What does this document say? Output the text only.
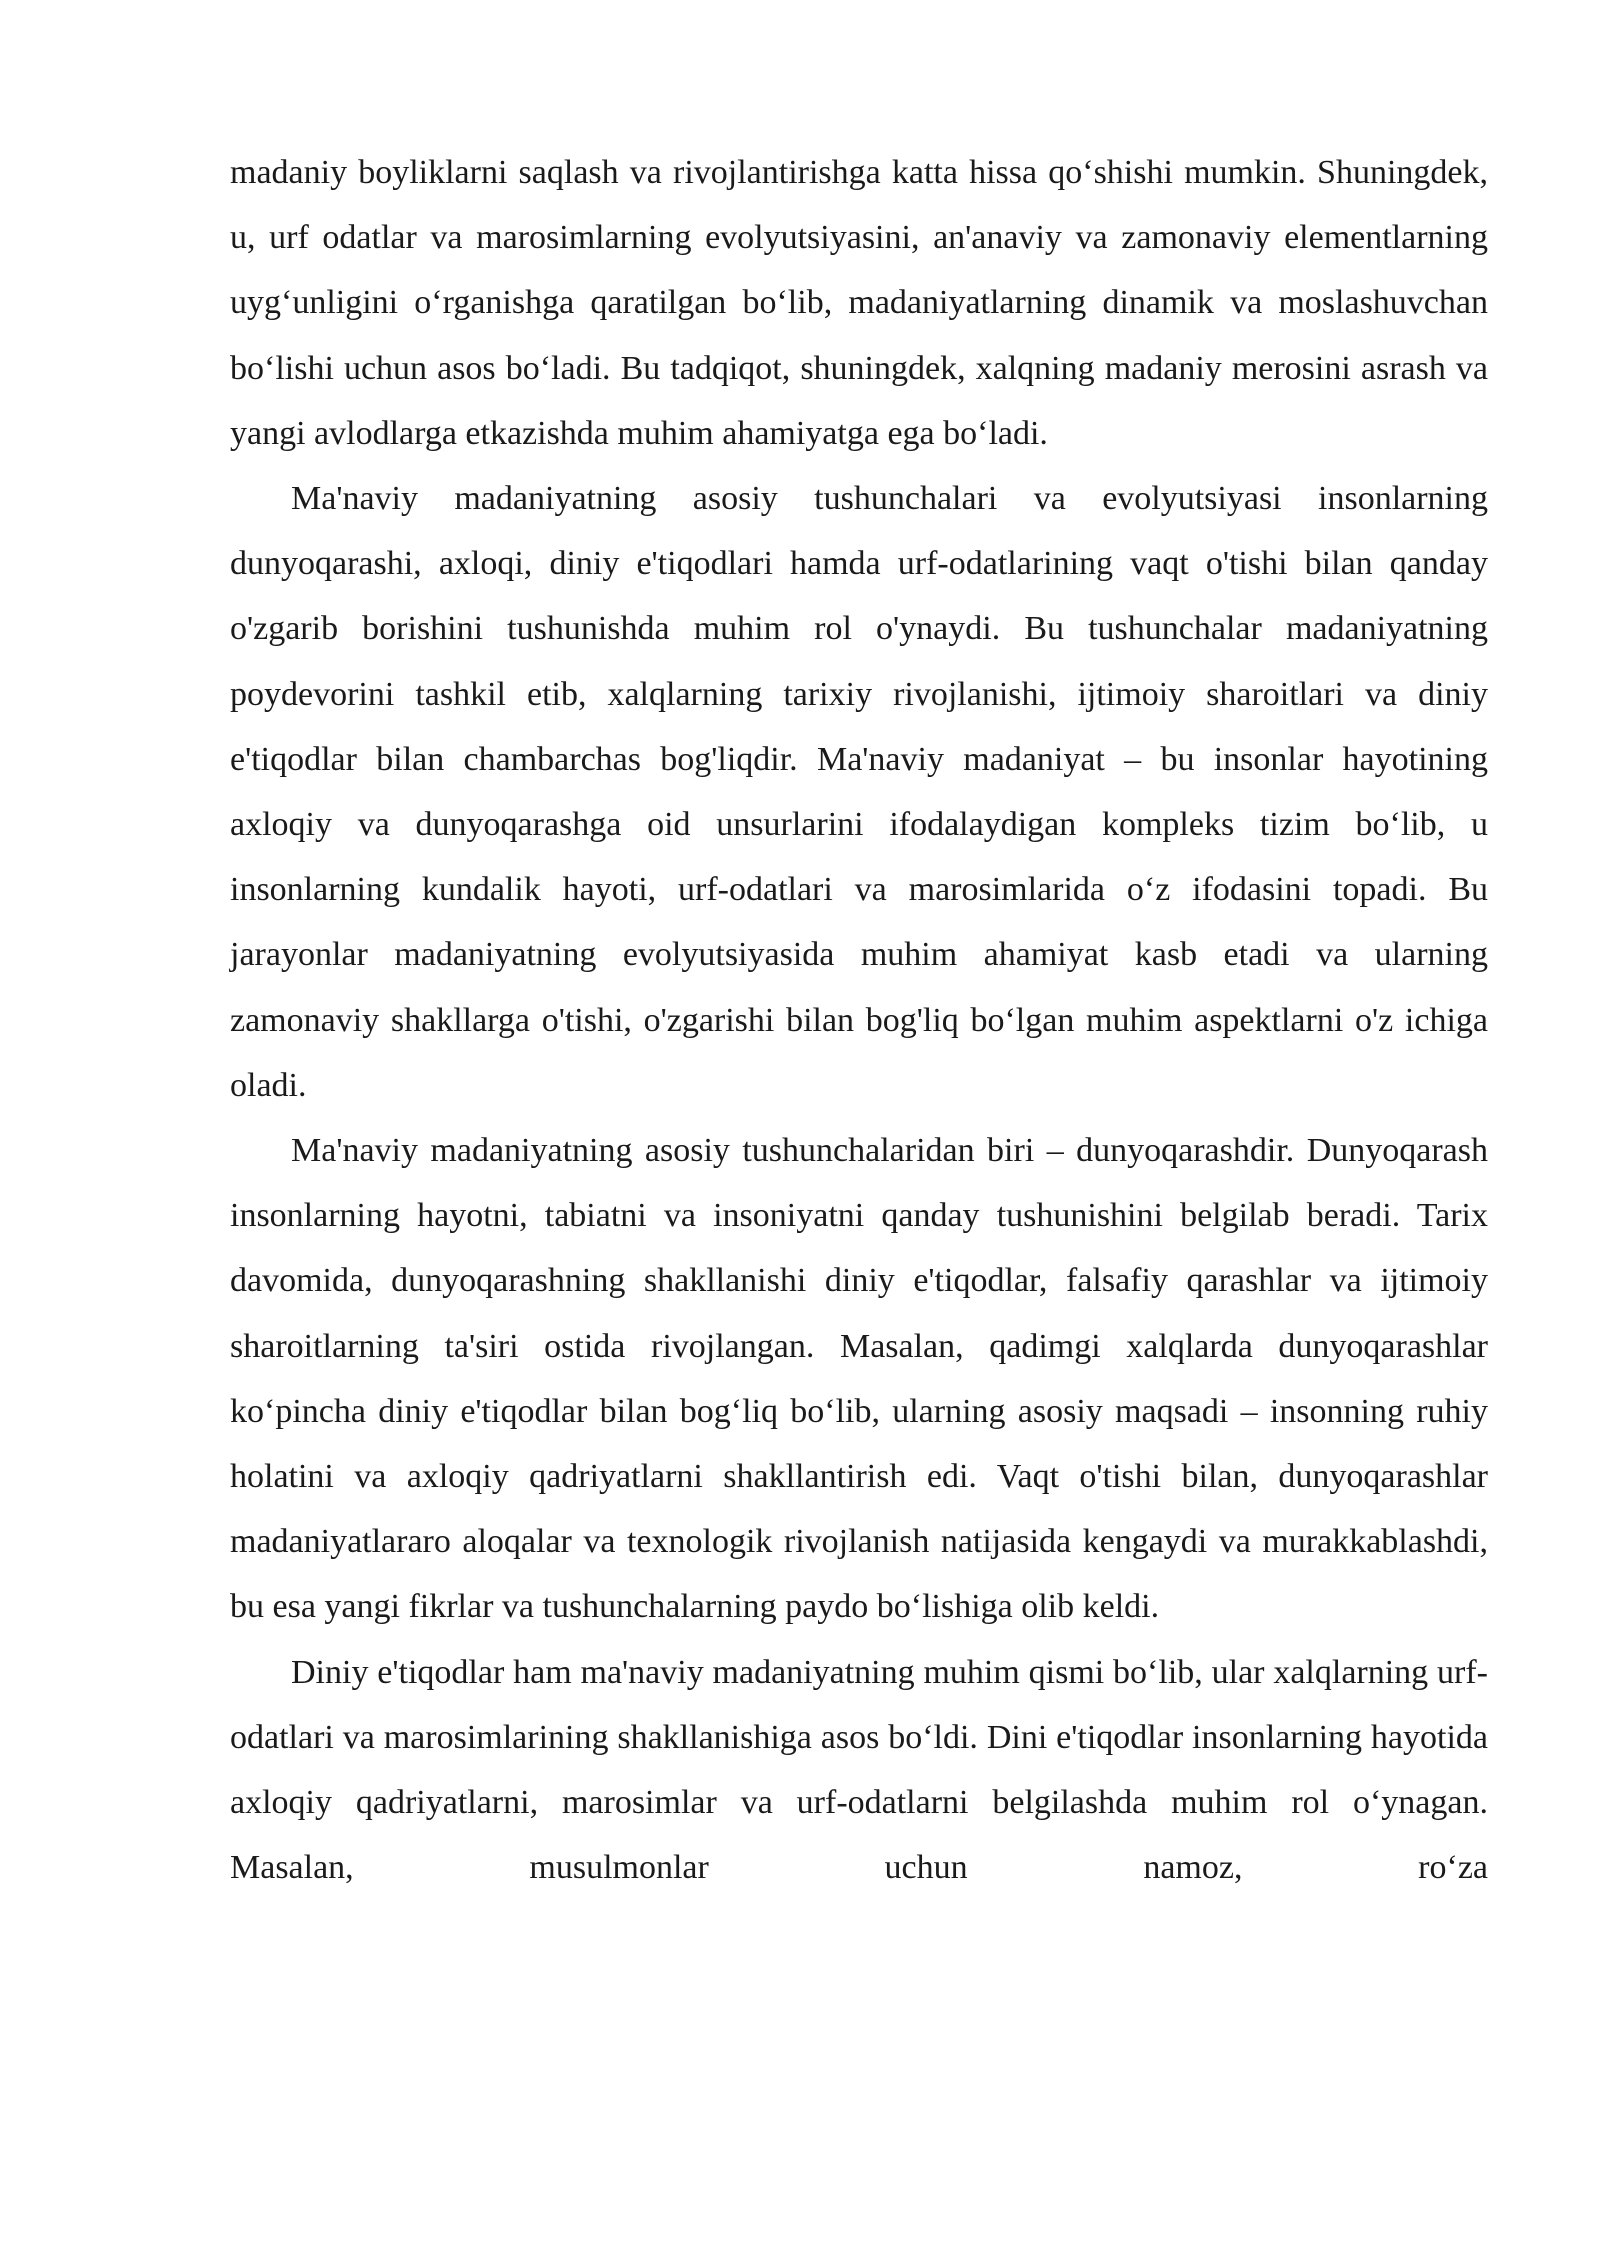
madaniy boyliklarni saqlash va rivojlantirishga katta hissa qo‘shishi mumkin. Shuningdek, u, urf odatlar va marosimlarning evolyutsiyasini, an'anaviy va zamonaviy elementlarning uyg‘unligini o‘rganishga qaratilgan bo‘lib, madaniyatlarning dinamik va moslashuvchan bo‘lishi uchun asos bo‘ladi. Bu tadqiqot, shuningdek, xalqning madaniy merosini asrash va yangi avlodlarga etkazishda muhim ahamiyatga ega bo‘ladi.

Ma'naviy madaniyatning asosiy tushunchalari va evolyutsiyasi insonlarning dunyoqarashi, axloqi, diniy e'tiqodlari hamda urf-odatlarining vaqt o'tishi bilan qanday o'zgarib borishini tushunishda muhim rol o'ynaydi. Bu tushunchalar madaniyatning poydevorini tashkil etib, xalqlarning tarixiy rivojlanishi, ijtimoiy sharoitlari va diniy e'tiqodlar bilan chambarchas bog'liqdir. Ma'naviy madaniyat – bu insonlar hayotining axloqiy va dunyoqarashga oid unsurlarini ifodalaydigan kompleks tizim bo‘lib, u insonlarning kundalik hayoti, urf-odatlari va marosimlarida o‘z ifodasini topadi. Bu jarayonlar madaniyatning evolyutsiyasida muhim ahamiyat kasb etadi va ularning zamonaviy shakllarga o'tishi, o'zgarishi bilan bog'liq bo‘lgan muhim aspektlarni o'z ichiga oladi.

Ma'naviy madaniyatning asosiy tushunchalaridan biri – dunyoqarashdir. Dunyoqarash insonlarning hayotni, tabiatni va insoniyatni qanday tushunishini belgilab beradi. Tarix davomida, dunyoqarashning shakllanishi diniy e'tiqodlar, falsafiy qarashlar va ijtimoiy sharoitlarning ta'siri ostida rivojlangan. Masalan, qadimgi xalqlarda dunyoqarashlar ko‘pincha diniy e'tiqodlar bilan bog‘liq bo‘lib, ularning asosiy maqsadi – insonning ruhiy holatini va axloqiy qadriyatlarni shakllantirish edi. Vaqt o'tishi bilan, dunyoqarashlar madaniyatlararo aloqalar va texnologik rivojlanish natijasida kengaydi va murakkablashdi, bu esa yangi fikrlar va tushunchalarning paydo bo‘lishiga olib keldi.

Diniy e'tiqodlar ham ma'naviy madaniyatning muhim qismi bo‘lib, ular xalqlarning urf-odatlari va marosimlarining shakllanishiga asos bo‘ldi. Dini e'tiqodlar insonlarning hayotida axloqiy qadriyatlarni, marosimlar va urf-odatlarni belgilashda muhim rol o‘ynagan. Masalan, musulmonlar uchun namoz, ro‘za
